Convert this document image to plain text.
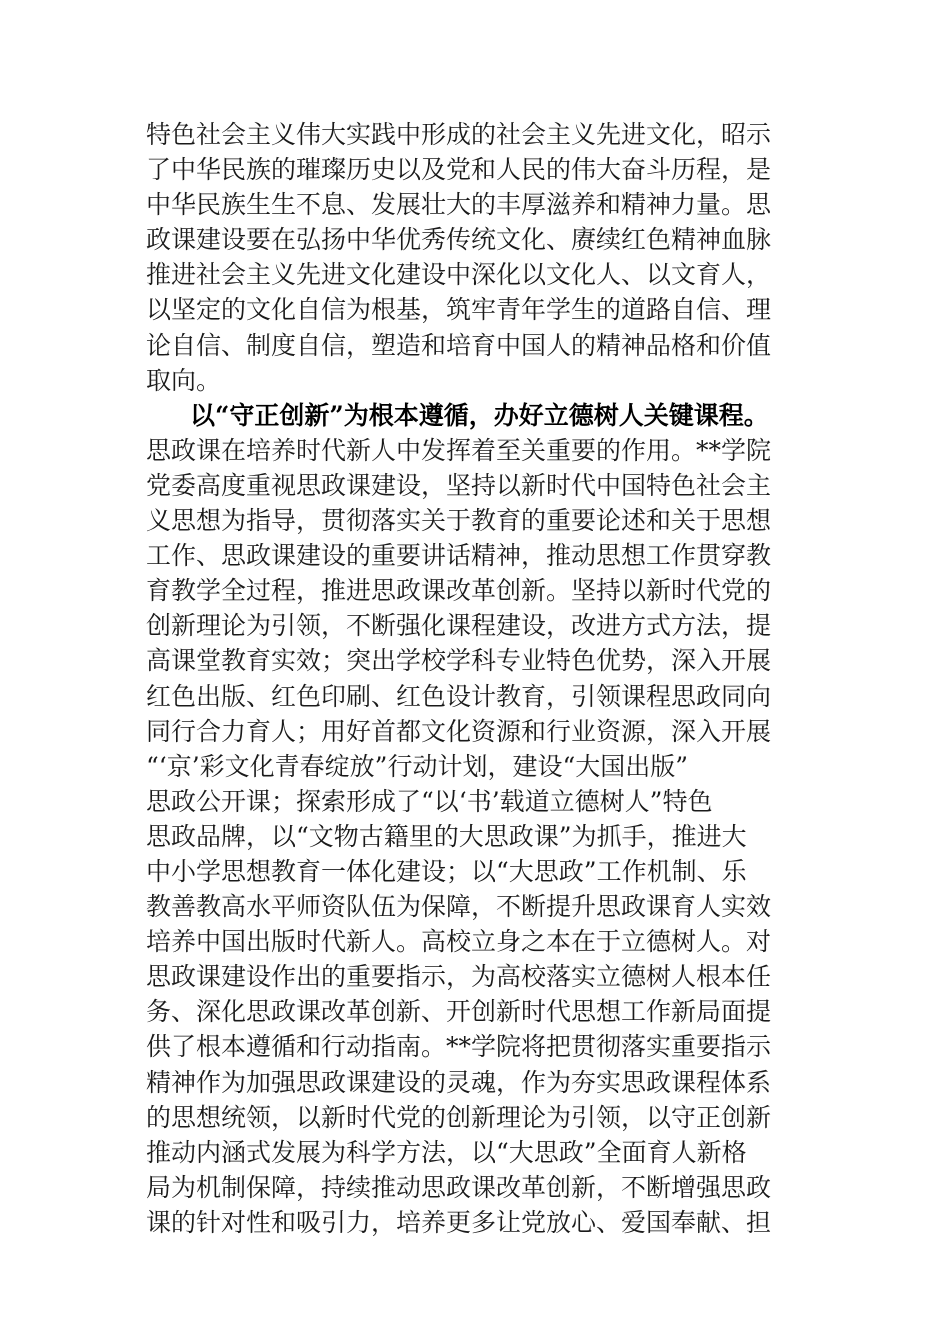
特色社会主义伟大实践中形成的社会主义先进文化，昭示
了中华民族的璀璨历史以及党和人民的伟大奋斗历程，是
中华民族生生不息、发展壮大的丰厚滋养和精神力量。思
政课建设要在弘扬中华优秀传统文化、赓续红色精神血脉
推进社会主义先进文化建设中深化以文化人、以文育人，
以坚定的文化自信为根基，筑牢青年学生的道路自信、理
论自信、制度自信，塑造和培育中国人的精神品格和价值
取向。
以“守正创新”为根本遵循，办好立德树人关键课程。
思政课在培养时代新人中发挥着至关重要的作用。**学院
党委高度重视思政课建设，坚持以新时代中国特色社会主
义思想为指导，贯彻落实关于教育的重要论述和关于思想
工作、思政课建设的重要讲话精神，推动思想工作贯穿教
育教学全过程，推进思政课改革创新。坚持以新时代党的
创新理论为引领，不断强化课程建设，改进方式方法，提
高课堂教育实效；突出学校学科专业特色优势，深入开展
红色出版、红色印刷、红色设计教育，引领课程思政同向
同行合力育人；用好首都文化资源和行业资源，深入开展
“‘京’彩文化青春绽放”行动计划，建设“大国出版”
思政公开课；探索形成了“以‘书’载道立德树人”特色
思政品牌，以“文物古籍里的大思政课”为抓手，推进大
中小学思想教育一体化建设；以“大思政”工作机制、乐
教善教高水平师资队伍为保障，不断提升思政课育人实效
培养中国出版时代新人。高校立身之本在于立德树人。对
思政课建设作出的重要指示，为高校落实立德树人根本任
务、深化思政课改革创新、开创新时代思想工作新局面提
供了根本遵循和行动指南。**学院将把贯彻落实重要指示
精神作为加强思政课建设的灵魂，作为夯实思政课程体系
的思想统领，以新时代党的创新理论为引领，以守正创新
推动内涵式发展为科学方法，以“大思政”全面育人新格
局为机制保障，持续推动思政课改革创新，不断增强思政
课的针对性和吸引力，培养更多让党放心、爱国奉献、担
